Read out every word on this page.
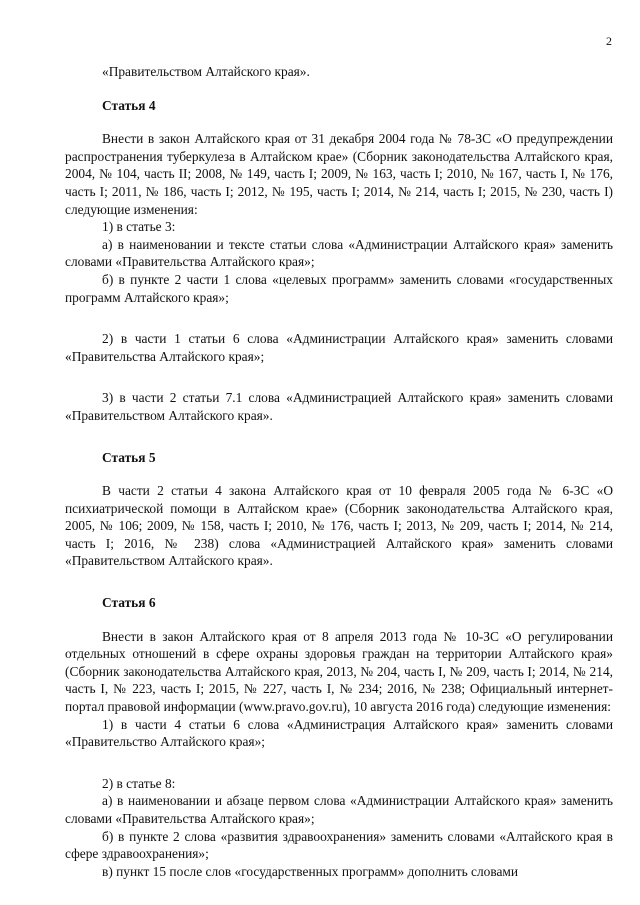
2

«Правительством Алтайского края».

Статья 4

Внести в закон Алтайского края от 31 декабря 2004 года № 78-ЗС «О предупреждении распространения туберкулеза в Алтайском крае» (Сборник законодательства Алтайского края, 2004, № 104, часть II; 2008, № 149, часть I; 2009, № 163, часть I; 2010, № 167, часть I, № 176, часть I; 2011, № 186, часть I; 2012, № 195, часть I; 2014, № 214, часть I; 2015, № 230, часть I) следующие изменения:

1) в статье 3:

а) в наименовании и тексте статьи слова «Администрации Алтайского края» заменить словами «Правительства Алтайского края»;

б) в пункте 2 части 1 слова «целевых программ» заменить словами «государственных программ Алтайского края»;

2) в части 1 статьи 6 слова «Администрации Алтайского края» заменить словами «Правительства Алтайского края»;

3) в части 2 статьи 7.1 слова «Администрацией Алтайского края» заменить словами «Правительством Алтайского края».

Статья 5

В части 2 статьи 4 закона Алтайского края от 10 февраля 2005 года № 6-ЗС «О психиатрической помощи в Алтайском крае» (Сборник законодательства Алтайского края, 2005, № 106; 2009, № 158, часть I; 2010, № 176, часть I; 2013, № 209, часть I; 2014, № 214, часть I; 2016, № 238) слова «Администрацией Алтайского края» заменить словами «Правительством Алтайского края».

Статья 6

Внести в закон Алтайского края от 8 апреля 2013 года № 10-ЗС «О регулировании отдельных отношений в сфере охраны здоровья граждан на территории Алтайского края» (Сборник законодательства Алтайского края, 2013, № 204, часть I, № 209, часть I; 2014, № 214, часть I, № 223, часть I; 2015, № 227, часть I, № 234; 2016, № 238; Официальный интернет-портал правовой информации (www.pravo.gov.ru), 10 августа 2016 года) следующие изменения:

1) в части 4 статьи 6 слова «Администрация Алтайского края» заменить словами «Правительство Алтайского края»;

2) в статье 8:

а) в наименовании и абзаце первом слова «Администрации Алтайского края» заменить словами «Правительства Алтайского края»;

б) в пункте 2 слова «развития здравоохранения» заменить словами «Алтайского края в сфере здравоохранения»;

в) пункт 15 после слов «государственных программ» дополнить словами
